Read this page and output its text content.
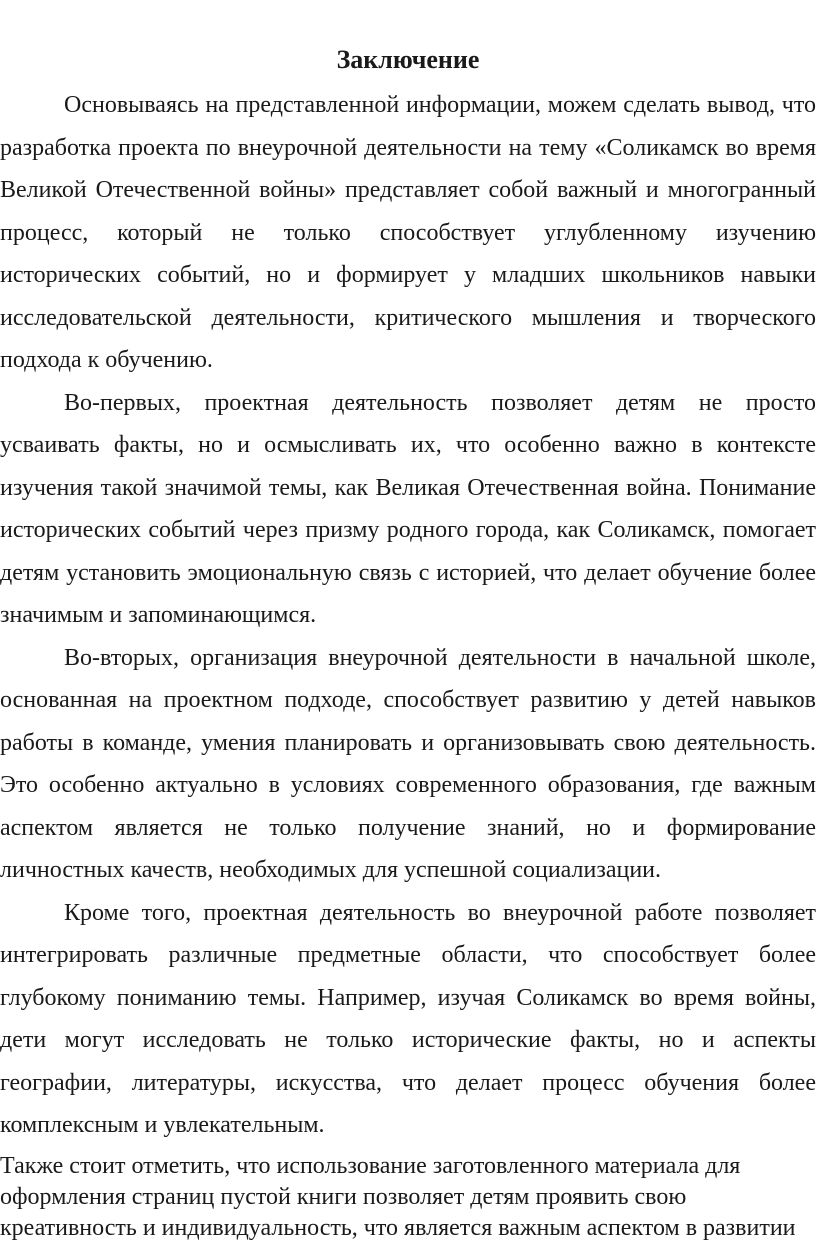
Заключение

Основываясь на представленной информации, можем сделать вывод, что разработка проекта по внеурочной деятельности на тему «Соликамск во время Великой Отечественной войны» представляет собой важный и многогранный процесс, который не только способствует углубленному изучению исторических событий, но и формирует у младших школьников навыки исследовательской деятельности, критического мышления и творческого подхода к обучению.

Во-первых, проектная деятельность позволяет детям не просто усваивать факты, но и осмысливать их, что особенно важно в контексте изучения такой значимой темы, как Великая Отечественная война. Понимание исторических событий через призму родного города, как Соликамск, помогает детям установить эмоциональную связь с историей, что делает обучение более значимым и запоминающимся.

Во-вторых, организация внеурочной деятельности в начальной школе, основанная на проектном подходе, способствует развитию у детей навыков работы в команде, умения планировать и организовывать свою деятельность. Это особенно актуально в условиях современного образования, где важным аспектом является не только получение знаний, но и формирование личностных качеств, необходимых для успешной социализации.

Кроме того, проектная деятельность во внеурочной работе позволяет интегрировать различные предметные области, что способствует более глубокому пониманию темы. Например, изучая Соликамск во время войны, дети могут исследовать не только исторические факты, но и аспекты географии, литературы, искусства, что делает процесс обучения более комплексным и увлекательным.

Также стоит отметить, что использование заготовленного материала для оформления страниц пустой книги позволяет детям проявить свою креативность и индивидуальность, что является важным аспектом в развитии
